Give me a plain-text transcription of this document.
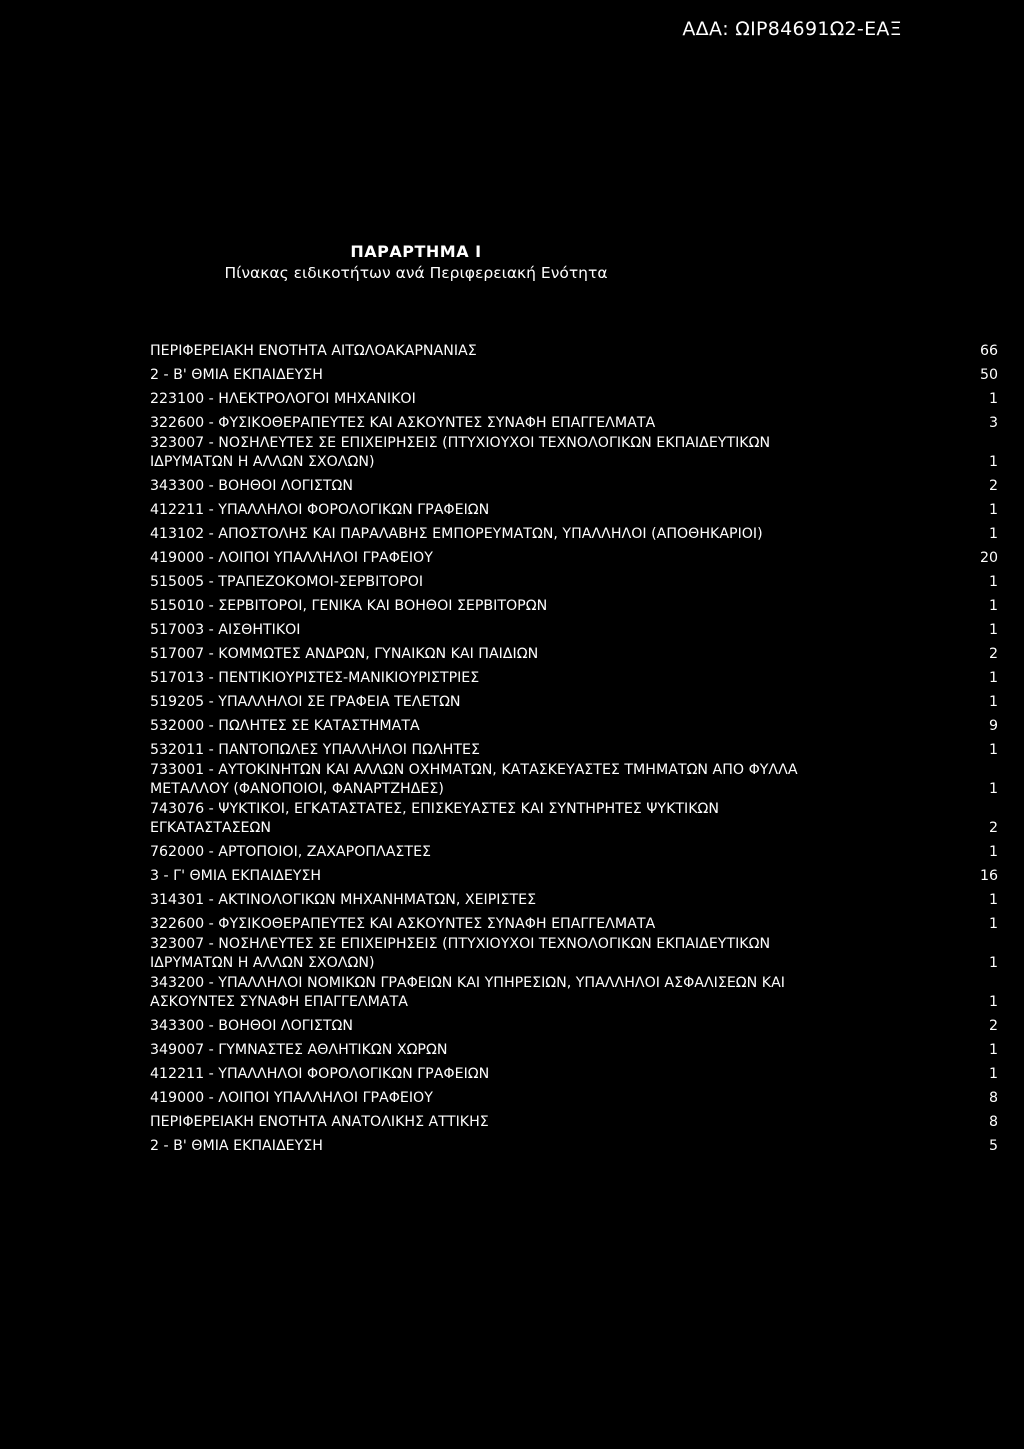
ΑΔΑ: ΩΙΡ84691Ω2-ΕΑΞ
ΠΑΡΑΡΤΗΜΑ Ι
Πίνακας ειδικοτήτων ανά Περιφερειακή Ενότητα
ΠΕΡΙΦΕΡΕΙΑΚΗ ΕΝΟΤΗΤΑ ΑΙΤΩΛΟΑΚΑΡΝΑΝΙΑΣ	66
2 - Β' ΘΜΙΑ ΕΚΠΑΙΔΕΥΣΗ	50
223100 - ΗΛΕΚΤΡΟΛΟΓΟΙ ΜΗΧΑΝΙΚΟΙ	1
322600 - ΦΥΣΙΚΟΘΕΡΑΠΕΥΤΕΣ ΚΑΙ ΑΣΚΟΥΝΤΕΣ ΣΥΝΑΦΗ ΕΠΑΓΓΕΛΜΑΤΑ	3
323007 - ΝΟΣΗΛΕΥΤΕΣ ΣΕ ΕΠΙΧΕΙΡΗΣΕΙΣ (ΠΤΥΧΙΟΥΧΟΙ ΤΕΧΝΟΛΟΓΙΚΩΝ ΕΚΠΑΙΔΕΥΤΙΚΩΝ
ΙΔΡΥΜΑΤΩΝ Η ΑΛΛΩΝ ΣΧΟΛΩΝ)	1
343300 - ΒΟΗΘΟΙ ΛΟΓΙΣΤΩΝ	2
412211 - ΥΠΑΛΛΗΛΟΙ ΦΟΡΟΛΟΓΙΚΩΝ ΓΡΑΦΕΙΩΝ	1
413102 - ΑΠΟΣΤΟΛΗΣ ΚΑΙ ΠΑΡΑΛΑΒΗΣ ΕΜΠΟΡΕΥΜΑΤΩΝ, ΥΠΑΛΛΗΛΟΙ (ΑΠΟΘΗΚΑΡΙΟΙ)	1
419000 - ΛΟΙΠΟΙ ΥΠΑΛΛΗΛΟΙ ΓΡΑΦΕΙΟΥ	20
515005 - ΤΡΑΠΕΖΟΚΟΜΟΙ-ΣΕΡΒΙΤΟΡΟΙ	1
515010 - ΣΕΡΒΙΤΟΡΟΙ, ΓΕΝΙΚΑ ΚΑΙ ΒΟΗΘΟΙ ΣΕΡΒΙΤΟΡΩΝ	1
517003 - ΑΙΣΘΗΤΙΚΟΙ	1
517007 - ΚΟΜΜΩΤΕΣ ΑΝΔΡΩΝ, ΓΥΝΑΙΚΩΝ ΚΑΙ ΠΑΙΔΙΩΝ	2
517013 - ΠΕΝΤΙΚΙΟΥΡΙΣΤΕΣ-ΜΑΝΙΚΙΟΥΡΙΣΤΡΙΕΣ	1
519205 - ΥΠΑΛΛΗΛΟΙ ΣΕ ΓΡΑΦΕΙΑ ΤΕΛΕΤΩΝ	1
532000 - ΠΩΛΗΤΕΣ ΣΕ ΚΑΤΑΣΤΗΜΑΤΑ	9
532011 - ΠΑΝΤΟΠΩΛΕΣ ΥΠΑΛΛΗΛΟΙ ΠΩΛΗΤΕΣ	1
733001 - ΑΥΤΟΚΙΝΗΤΩΝ ΚΑΙ ΑΛΛΩΝ ΟΧΗΜΑΤΩΝ, ΚΑΤΑΣΚΕΥΑΣΤΕΣ ΤΜΗΜΑΤΩΝ ΑΠΟ ΦΥΛΛΑ
ΜΕΤΑΛΛΟΥ (ΦΑΝΟΠΟΙΟΙ, ΦΑΝΑΡΤΖΗΔΕΣ)	1
743076 - ΨΥΚΤΙΚΟΙ, ΕΓΚΑΤΑΣΤΑΤΕΣ, ΕΠΙΣΚΕΥΑΣΤΕΣ ΚΑΙ ΣΥΝΤΗΡΗΤΕΣ ΨΥΚΤΙΚΩΝ
ΕΓΚΑΤΑΣΤΑΣΕΩΝ	2
762000 - ΑΡΤΟΠΟΙΟΙ, ΖΑΧΑΡΟΠΛΑΣΤΕΣ	1
3 - Γ' ΘΜΙΑ ΕΚΠΑΙΔΕΥΣΗ	16
314301 - ΑΚΤΙΝΟΛΟΓΙΚΩΝ ΜΗΧΑΝΗΜΑΤΩΝ, ΧΕΙΡΙΣΤΕΣ	1
322600 - ΦΥΣΙΚΟΘΕΡΑΠΕΥΤΕΣ ΚΑΙ ΑΣΚΟΥΝΤΕΣ ΣΥΝΑΦΗ ΕΠΑΓΓΕΛΜΑΤΑ	1
323007 - ΝΟΣΗΛΕΥΤΕΣ ΣΕ ΕΠΙΧΕΙΡΗΣΕΙΣ (ΠΤΥΧΙΟΥΧΟΙ ΤΕΧΝΟΛΟΓΙΚΩΝ ΕΚΠΑΙΔΕΥΤΙΚΩΝ
ΙΔΡΥΜΑΤΩΝ Η ΑΛΛΩΝ ΣΧΟΛΩΝ)	1
343200 - ΥΠΑΛΛΗΛΟΙ ΝΟΜΙΚΩΝ ΓΡΑΦΕΙΩΝ ΚΑΙ ΥΠΗΡΕΣΙΩΝ, ΥΠΑΛΛΗΛΟΙ ΑΣΦΑΛΙΣΕΩΝ ΚΑΙ
ΑΣΚΟΥΝΤΕΣ ΣΥΝΑΦΗ ΕΠΑΓΓΕΛΜΑΤΑ	1
343300 - ΒΟΗΘΟΙ ΛΟΓΙΣΤΩΝ	2
349007 - ΓΥΜΝΑΣΤΕΣ ΑΘΛΗΤΙΚΩΝ ΧΩΡΩΝ	1
412211 - ΥΠΑΛΛΗΛΟΙ ΦΟΡΟΛΟΓΙΚΩΝ ΓΡΑΦΕΙΩΝ	1
419000 - ΛΟΙΠΟΙ ΥΠΑΛΛΗΛΟΙ ΓΡΑΦΕΙΟΥ	8
ΠΕΡΙΦΕΡΕΙΑΚΗ ΕΝΟΤΗΤΑ ΑΝΑΤΟΛΙΚΗΣ ΑΤΤΙΚΗΣ	8
2 - Β' ΘΜΙΑ ΕΚΠΑΙΔΕΥΣΗ	5
